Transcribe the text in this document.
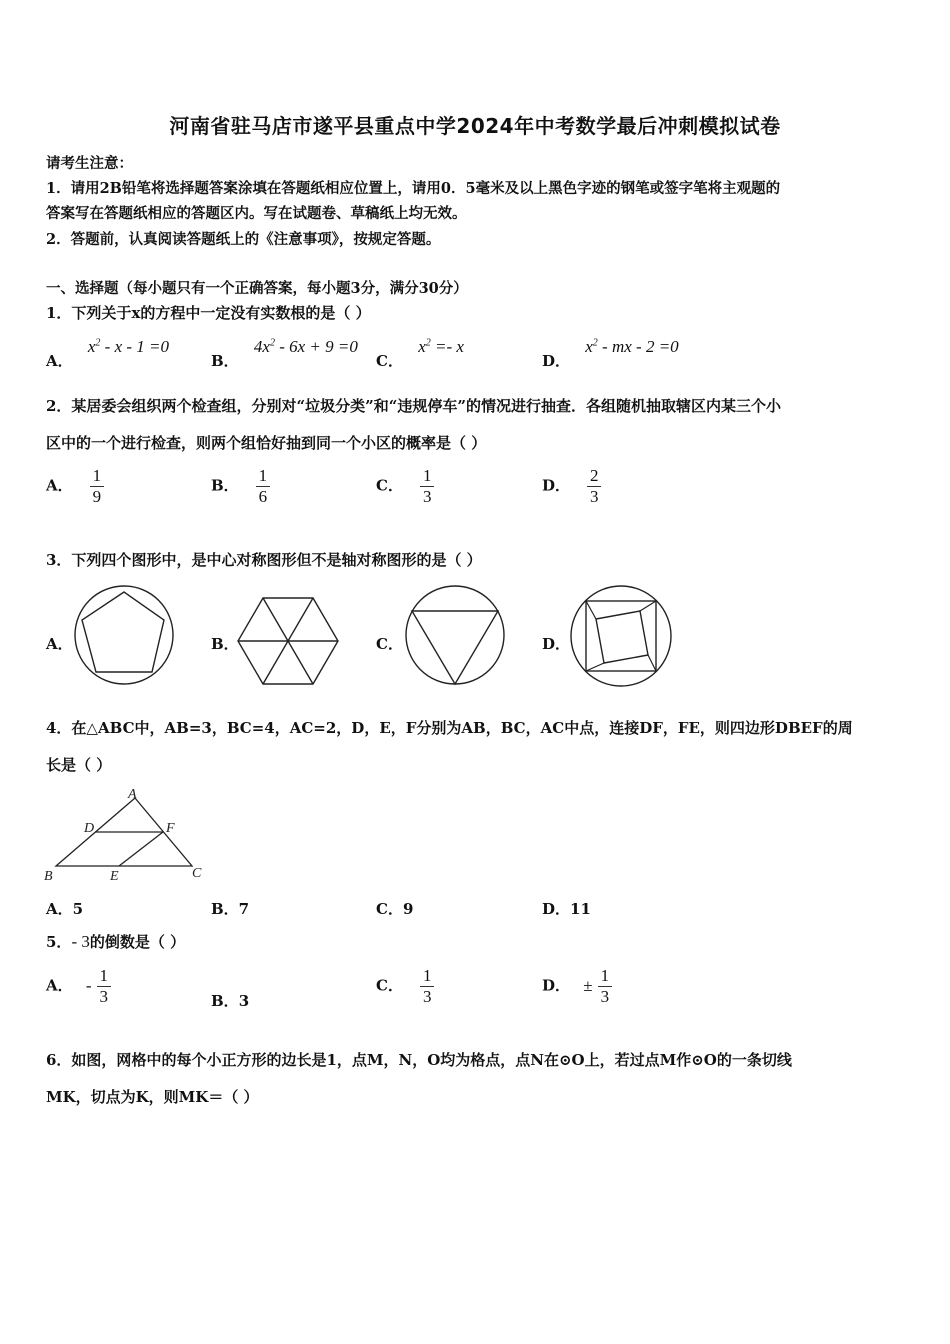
河南省驻马店市遂平县重点中学2024年中考数学最后冲刺模拟试卷
请考生注意：
1．请用2B铅笔将选择题答案涂填在答题纸相应位置上，请用0．5毫米及以上黑色字迹的钢笔或签字笔将主观题的
答案写在答题纸相应的答题区内。写在试题卷、草稿纸上均无效。
2．答题前，认真阅读答题纸上的《注意事项》，按规定答题。
一、选择题（每小题只有一个正确答案，每小题3分，满分30分）
1．下列关于x的方程中一定没有实数根的是（ ）
A． $x^2 - x - 1 =0$
B． $4x^2 - 6x + 9 =0$
C． $x^2 =- x$
D． $x^2$ - mx - 2 =0
2．某居委会组织两个检查组，分别对“垃圾分类”和“违规停车”的情况进行抽查．各组随机抽取辖区内某三个小
区中的一个进行检查，则两个组恰好抽到同一个小区的概率是（ ）
A． $\frac{1}{9}$	B． $\frac{1}{6}$	C． $\frac{1}{3}$	D． $\frac{2}{3}$
3．下列四个图形中，是中心对称图形但不是轴对称图形的是（ ）
A．	B．	C．	D．
4．在△ABC中，AB=3，BC=4，AC=2，D，E，F分别为AB，BC，AC中点，连接DF，FE，则四边形DBEF的周
长是（ ）
A
D	F
B	E	C
A．5	B．7	C．9	D．11
5．- 3的倒数是（ ）
A． - $\frac{1}{3}$	B．3
C． $\frac{1}{3}$	D． ± $\frac{1}{3}$
6．如图，网格中的每个小正方形的边长是1，点M，N，O均为格点，点N在⊙O上，若过点M作⊙O的一条切线
MK，切点为K，则MK＝（ ）
